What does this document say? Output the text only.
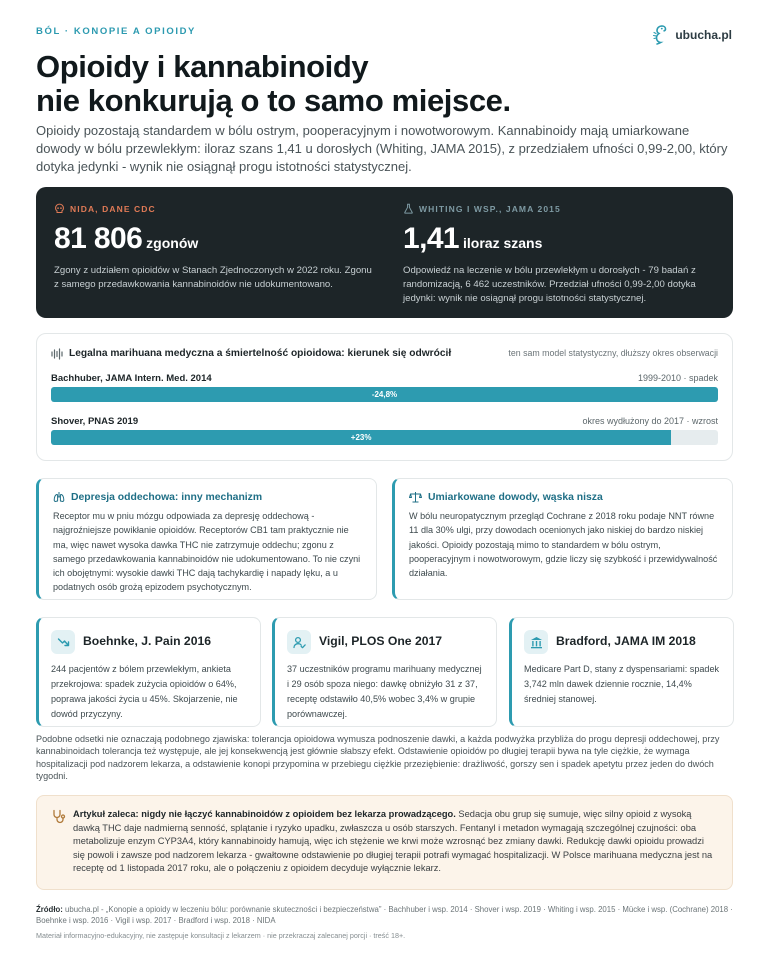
BÓL · KONOPIE A OPIOIDY	ubucha.pl
Opioidy i kannabinoidy
nie konkurują o to samo miejsce.

Opioidy pozostają standardem w bólu ostrym, pooperacyjnym i nowotworowym. Kannabinoidy mają umiarkowane dowody w bólu przewlekłym: iloraz szans 1,41 u dorosłych (Whiting, JAMA 2015), z przedziałem ufności 0,99‑2,00, który dotyka jedynki ‑ wynik nie osiągnął progu istotności statystycznej.

NIDA, DANE CDC
81 806 zgonów
Zgony z udziałem opioidów w Stanach Zjednoczonych w 2022 roku. Zgonu z samego przedawkowania kannabinoidów nie udokumentowano.
WHITING I WSP., JAMA 2015
1,41 iloraz szans
Odpowiedź na leczenie w bólu przewlekłym u dorosłych ‑ 79 badań z randomizacją, 6 462 uczestników. Przedział ufności 0,99‑2,00 dotyka jedynki: wynik nie osiągnął progu istotności statystycznej.
Legalna marihuana medyczna a śmiertelność opioidowa: kierunek się odwrócił	ten sam model statystyczny, dłuższy okres obserwacji
Bachhuber, JAMA Intern. Med. 2014	1999‑2010 · spadek
-24,8%
Shover, PNAS 2019	okres wydłużony do 2017 · wzrost
+23%
Depresja oddechowa: inny mechanizm
Receptor mu w pniu mózgu odpowiada za depresję oddechową ‑ najgroźniejsze powikłanie opioidów. Receptorów CB1 tam praktycznie nie ma, więc nawet wysoka dawka THC nie zatrzymuje oddechu; zgonu z samego przedawkowania kannabinoidów nie udokumentowano. To nie czyni ich obojętnymi: wysokie dawki THC dają tachykardię i napady lęku, a u podatnych osób grożą epizodem psychotycznym.
Umiarkowane dowody, wąska nisza
W bólu neuropatycznym przegląd Cochrane z 2018 roku podaje NNT równe 11 dla 30% ulgi, przy dowodach ocenionych jako niskiej do bardzo niskiej jakości. Opioidy pozostają mimo to standardem w bólu ostrym, pooperacyjnym i nowotworowym, gdzie liczy się szybkość i przewidywalność działania.
Boehnke, J. Pain 2016
244 pacjentów z bólem przewlekłym, ankieta przekrojowa: spadek zużycia opioidów o 64%, poprawa jakości życia u 45%. Skojarzenie, nie dowód przyczyny.
Vigil, PLOS One 2017
37 uczestników programu marihuany medycznej i 29 osób spoza niego: dawkę obniżyło 31 z 37, receptę odstawiło 40,5% wobec 3,4% w grupie porównawczej.
Bradford, JAMA IM 2018
Medicare Part D, stany z dyspensariami: spadek 3,742 mln dawek dziennie rocznie, 14,4% średniej stanowej.

Podobne odsetki nie oznaczają podobnego zjawiska: tolerancja opioidowa wymusza podnoszenie dawki, a każda podwyżka przybliża do progu depresji oddechowej, przy kannabinoidach tolerancja też występuje, ale jej konsekwencją jest głównie słabszy efekt. Odstawienie opioidów po długiej terapii bywa na tyle ciężkie, że wymaga hospitalizacji pod nadzorem lekarza, a odstawienie konopi przypomina w przebiegu ciężkie przeziębienie: drażliwość, gorszy sen i spadek apetytu przez jeden do dwóch tygodni.

Artykuł zaleca: nigdy nie łączyć kannabinoidów z opioidem bez lekarza prowadzącego. Sedacja obu grup się sumuje, więc silny opioid z wysoką dawką THC daje nadmierną senność, splątanie i ryzyko upadku, zwłaszcza u osób starszych. Fentanyl i metadon wymagają szczególnej czujności: oba metabolizuje enzym CYP3A4, który kannabinoidy hamują, więc ich stężenie we krwi może wzrosnąć bez zmiany dawki. Redukcję dawki opioidu prowadzi się powoli i zawsze pod nadzorem lekarza ‑ gwałtowne odstawienie po długiej terapii potrafi wymagać hospitalizacji. W Polsce marihuana medyczna jest na receptę od 1 listopada 2017 roku, ale o połączeniu z opioidem decyduje wyłącznie lekarz.

Źródło: ubucha.pl ‑ „Konopie a opioidy w leczeniu bólu: porównanie skuteczności i bezpieczeństwa” · Bachhuber i wsp. 2014 · Shover i wsp. 2019 · Whiting i wsp. 2015 · Mücke i wsp. (Cochrane) 2018 · Boehnke i wsp. 2016 · Vigil i wsp. 2017 · Bradford i wsp. 2018 · NIDA

Materiał informacyjno‑edukacyjny, nie zastępuje konsultacji z lekarzem · nie przekraczaj zalecanej porcji · treść 18+.
